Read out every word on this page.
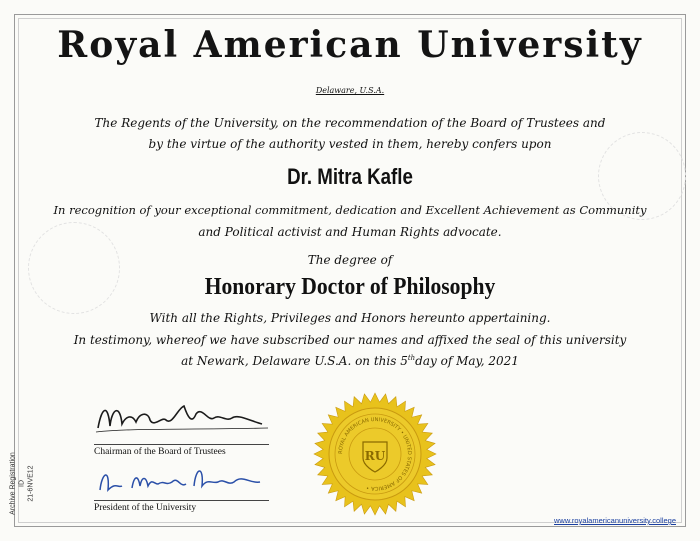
Royal American University
Delaware, U.S.A.
The Regents of the University, on the recommendation of the Board of Trustees and
by the virtue of the authority vested in them, hereby confers upon
Dr. Mitra Kafle
In recognition of your exceptional commitment, dedication and Excellent Achievement as Community
and Political activist and Human Rights advocate.
The degree of
Honorary Doctor of Philosophy
With all the Rights, Privileges and Honors hereunto appertaining.
In testimony, whereof we have subscribed our names and affixed the seal of this university
at Newark, Delaware U.S.A. on this 5thday of May, 2021
Chairman of the Board of Trustees
President of the University
ROYAL AMERICAN UNIVERSITY • UNITED STATES OF AMERICA •
RU
Archive Registration ID 21-6NVE12
www.royalamericanuniversity.college
